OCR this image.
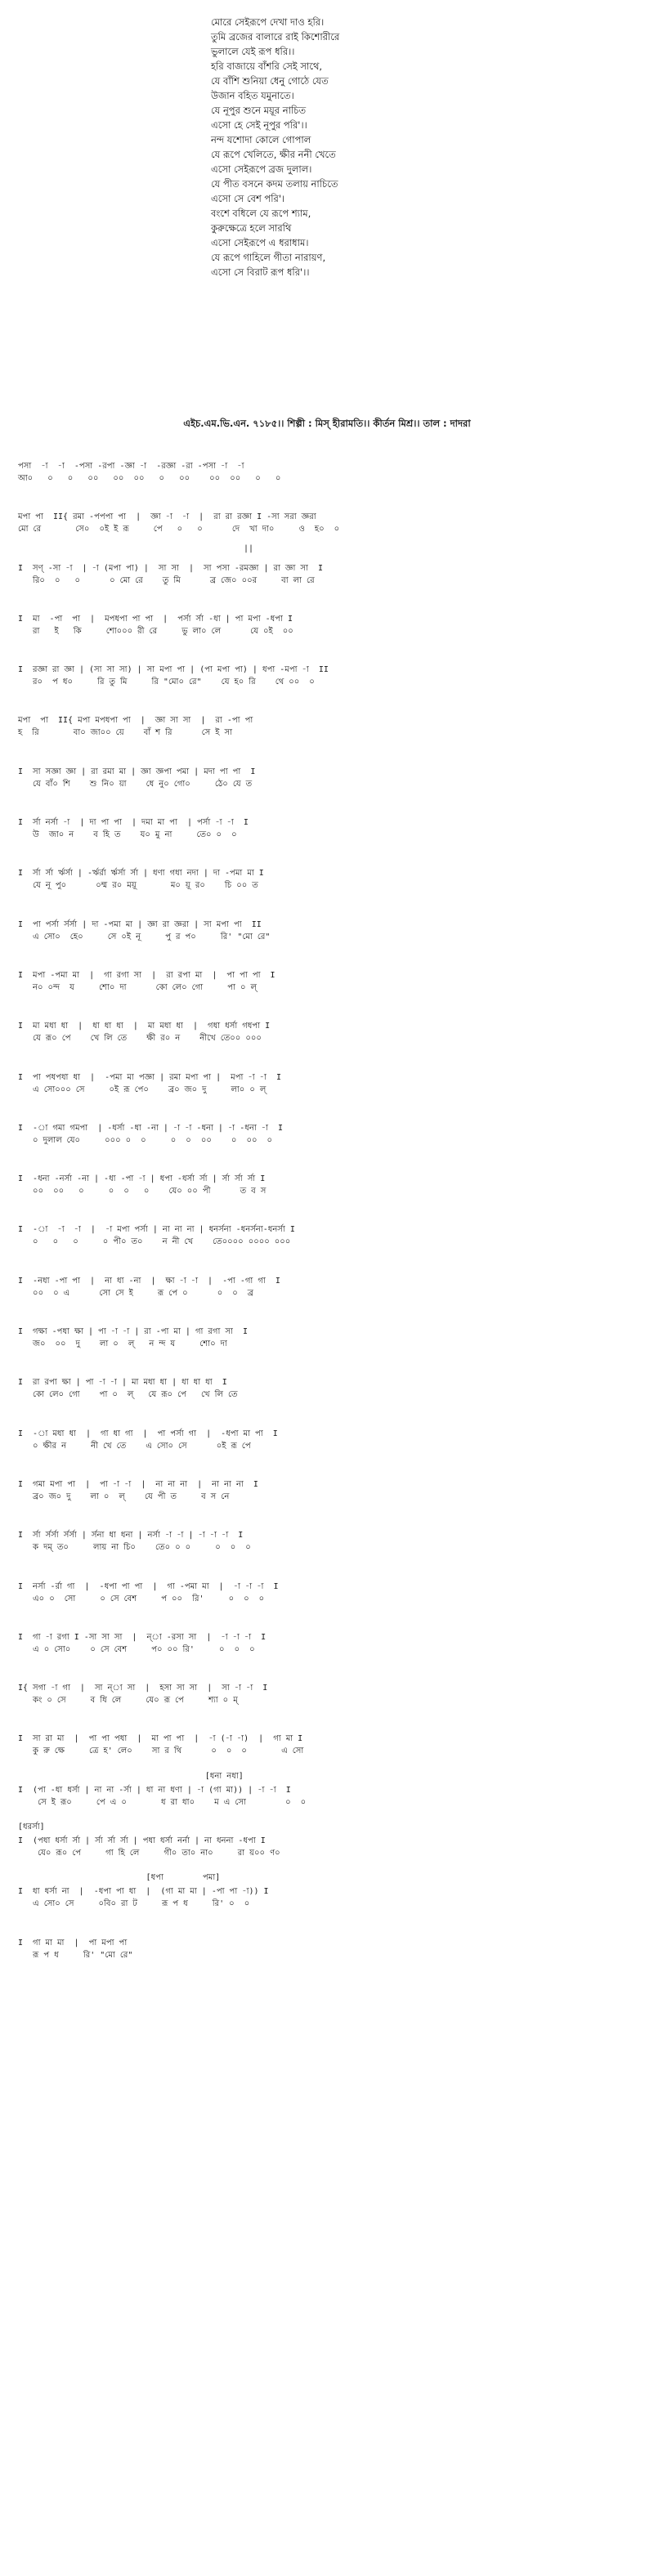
মোরে সেইরূপে দেখা দাও হরি।
তুমি ব্রজের বালারে রাই কিশোরীরে
ভুলালে যেই রূপ ধরি।।
হরি বাজায়ে বাঁশরি সেই সাথে,
যে বাঁশি শুনিয়া ধেনু গোঠে যেত
উজান বহিত যমুনাতে।
যে নূপুর শুনে ময়ূর নাচিত
এসো হে সেই নূপুর পরি'।।
নন্দ যশোদা কোলে গোপাল
যে রূপে খেলিতে, ক্ষীর ননী খেতে
এসো সেইরূপে ব্রজ দুলাল।
যে পীত বসনে কদম তলায় নাচিতে
এসো সে বেশ পরি'।
বংশে বধিলে যে রূপে শ্যাম,
কুরুক্ষেত্রে হলে সারথি
এসো সেইরূপে এ ধরাধাম।
যে রূপে গাহিলে গীতা নারায়ণ,
এসো সে বিরাট রূপ ধরি'।।
এইচ.এম.ভি.এন. ৭১৮৫।। শিল্পী : মিস্ হীরামতি।। কীর্তন মিশ্র।। তাল : দাদরা
পসা  -া  -া  -পসা -রপা -জ্ঞা -া  -রজ্ঞা -রা -পসা -া  -া
আ০   ০   ০   ০০   ০০  ০০   ০   ০০    ০০  ০০   ০   ০
মপা পা  II{ রমা -পপপা পা  |  জ্ঞা -া  -া  |  রা রা রজ্ঞা I -সা সরা জ্ঞরা
মো রে       সে০  ০ই ই রূ     পে   ০   ০      দে  খা দা০     ও  হ০  ০
||
I  সণ্ -সা -া  | -া (মপা পা) |  সা সা  |  সা পসা -রমজ্ঞা | রা জ্ঞা সা  I
রি০  ০   ০      ০ মো রে    তু মি      ব্র জে০ ০০র     বা লা রে
I  মা  -পা  পা  |  মপধপা পা পা  |  পর্সা র্সা -ধা | পা মপা -ধপা I
রা   ই   কি     শো০০০ রী রে     ভু লা০ লে      যে ০ই  ০০
I  রজ্ঞা রা জ্ঞা | (সা সা সা) | সা মপা পা | (পা মপা পা) | ধপা -মপা -া  II
র০  প ধ০     রি তু মি     রি "মো০ রে"    যে হ০ রি    থে ০০  ০
মপা  পা  II{ মপা মপধপা পা  |  জ্ঞা সা সা  |  রা -পা পা
হ  রি       বা০ জা০০ য়ে    বাঁ শ রি      সে ই সা
I  সা সজ্ঞা জ্ঞা | রা রমা মা | জ্ঞা জ্ঞপা পমা | মদা পা পা  I
যে বাঁ০ শি    শু নি০ য়া    ধে নু০ গো০     ঠে০ যে ত
I  র্সা নর্সা -া  | দা পা পা  | দমা মা পা  | পর্সা -া -া  I
উ  জা০ ন    ব হি ত    য০ মু না     তে০ ০  ০
I  র্সা র্সা র্ঋর্সা | -র্ঋর্রা র্ঋর্সা র্সা | ধণা গধা নদা | দা -পমা মা I
যে নূ পু০      ০ম্ম র০ ময়ূ       ম০ য়ূ র০    চি ০০ ত
I  পা পর্সা র্সর্সা | দা -পমা মা | জ্ঞা রা জ্ঞরা | সা মপা পা  II
এ সো০  হে০     সে ০ই নূ     পু র প০     রি' "মো রে"
I  মপা -পমা মা  |  গা রগা সা  |  রা রপা মা  |  পা পা পা  I
ন০ ০ন্দ  য     শো০ দা      কো লে০ গো     পা ০ ল্
I  মা মধা ধা  |  ধা ধা ধা  |  মা মধা ধা  |  গধা ধর্সা গধপা I
যে রূ০ পে    খে লি তে    ক্ষী র০ ন    নীখে তে০০ ০০০
I  পা পধপধা ধা  |  -পমা মা পজ্ঞা | রমা মপা পা |  মপা -া -া  I
এ সো০০০ সে     ০ই রূ পে০    ব্র০ জ০ দু     লা০ ০ ল্
I  -া গমা গমপা  | -ধর্সা -ধা -না | -া -া -ধনা | -া -ধনা -া  I
০ দুলাল যে০     ০০০ ০  ০     ০  ০  ০০    ০  ০০  ০
I  -ধনা -নর্সা -না | -ধা -পা -া | ধপা -ধর্সা র্সা | র্সা র্সা র্সা I
০০  ০০   ০     ০  ০   ০    যে০ ০০ পী      ত ব স
I  -া  -া  -া  |  -া মপা পর্সা | না না না | ধনর্সনা -ধনর্সনা-ধনর্সা I
০   ০   ০     ০ পী০ ত০    ন নী খে    তে০০০০ ০০০০ ০০০
I  -নধা -পা পা  |  না ধা -না  |  ক্ষা -া -া  |  -পা -গা গা  I
০০  ০ এ      সো সে ই     রূ পে ০      ০  ০  ব্র
I  গক্ষা -পধা ক্ষা | পা -া -া | রা -পা মা | গা রগা সা  I
জ০  ০০  দু    লা ০  ল্   ন ন্দ য     শো০ দা
I  রা রপা ক্ষা | পা -া -া | মা মধা ধা | ধা ধা ধা  I
কো লে০ গো    পা ০  ল্   যে রূ০ পে   খে লি তে
I  -া মধা ধা  |  গা ধা গা  |  পা পর্সা গা  |  -ধপা মা পা  I
০ ক্ষীর ন     নী খে তে    এ সো০ সে      ০ই রূ পে
I  গমা মপা পা  |  পা -া -া  |  না না না  |  না না না  I
ব্র০ জ০ দু    লা ০  ল্    যে পী ত     ব স নে
I  র্সা র্সর্সা র্সর্সা | র্সনা ধা ধনা | নর্সা -া -া | -া -া -া  I
ক দম্ ত০     লায় না চি০    তে০ ০ ০     ০  ০  ০
I  নর্সা -র্রা গা  |  -ধপা পা পা  |  গা -পমা মা  |  -া -া -া  I
এ০ ০  সো     ০ সে বেশ     প ০০  রি'     ০  ০  ০
I  গা -া রগা I -সা সা সা  |  ন্া -রসা সা  |  -া -া -া  I
এ ০ সো০    ০ সে বেশ     প০ ০০ রি'     ০  ০  ০
I{ সগা -া গা  |  সা ন্া সা  |  হসা সা সা  |  সা -া -া  I
কং ০ সে     ব ধি লে     যে০ রূ পে     শ্যা ০ ম্
I  সা রা মা  |  পা পা পধা  |  মা পা পা  |  -া (-া -া)  |  গা মা I
কু রু ক্ষে     ত্রে হ' লে০    সা র থি      ০  ০  ০       এ সো
[ধনা নধা]
I  (পা -ধা ধর্সা | না না -র্সা | ধা না ধণা | -া (গা মা)) | -া -া  I
সে ই রূ০     পে এ ০       ধ রা ধা০    ম এ সো        ০  ০
[ধরর্সা]
I  (পধা ধর্সা র্সা | র্সা র্সা র্সা | পধা ধর্সা নর্না | না ধননা -ধপা I
যে০ রূ০ পে     গা হি লে     গী০ তা০ না০     রা য়০০ ণ০
[ধপা        পমা]
I  ধা ধর্সা না  |  -ধপা পা ধা  |  (গা মা মা | -পা পা -া)) I
এ সো০ সে     ০বি০ রা ট     রূ প ধ     রি' ০  ০
I  গা মা মা  |  পা মপা পা
রূ প ধ     রি' "মো রে"
